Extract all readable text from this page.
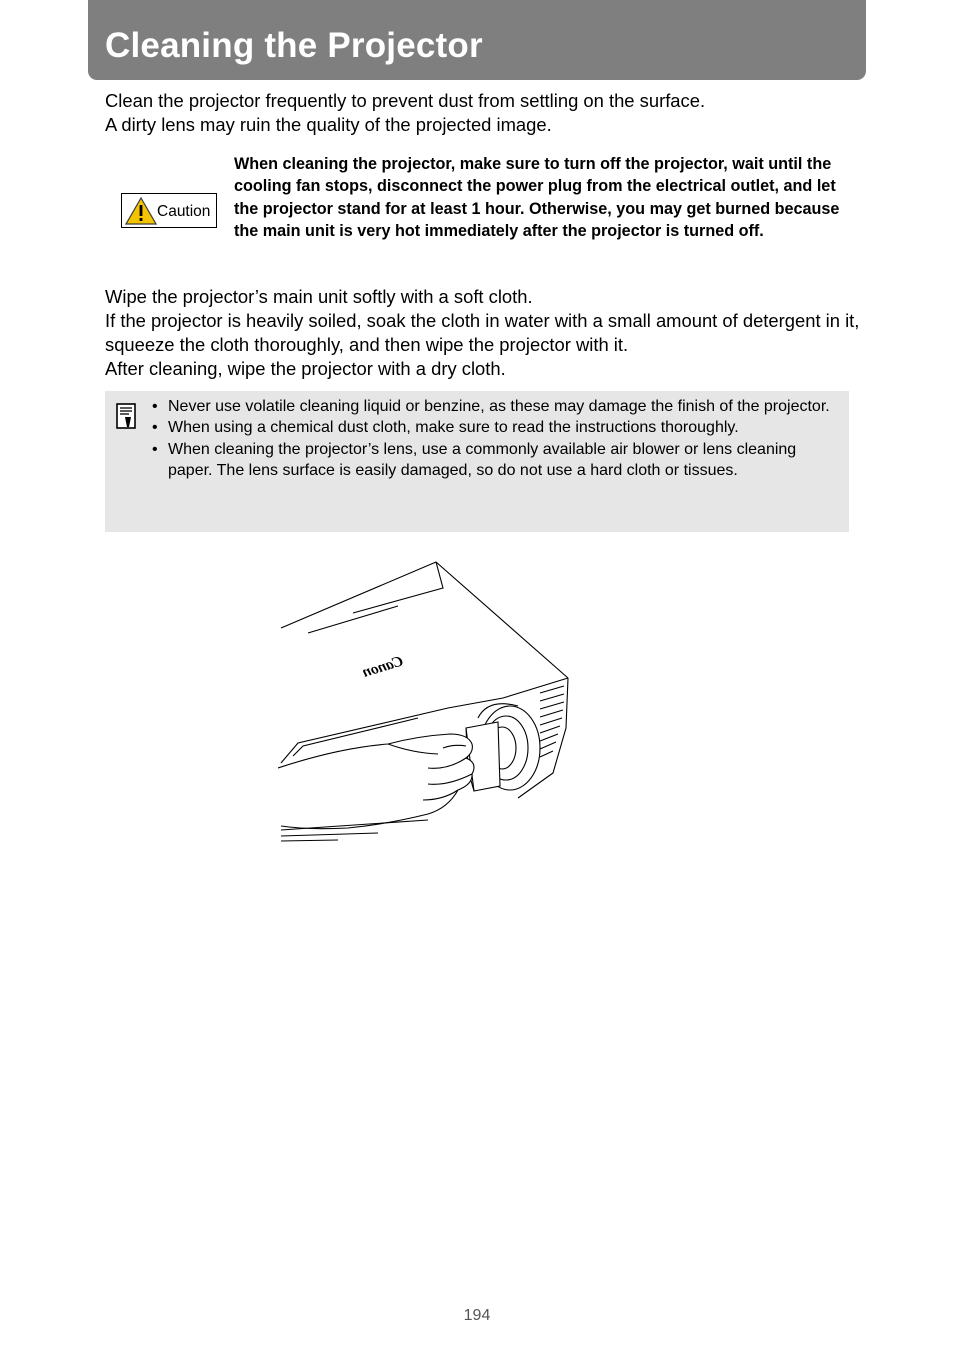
Cleaning the Projector

Clean the projector frequently to prevent dust from settling on the surface.

A dirty lens may ruin the quality of the projected image.

Caution
When cleaning the projector, make sure to turn off the projector, wait until the cooling fan stops, disconnect the power plug from the electrical outlet, and let the projector stand for at least 1 hour. Otherwise, you may get burned because the main unit is very hot immediately after the projector is turned off.

Wipe the projector’s main unit softly with a soft cloth.

If the projector is heavily soiled, soak the cloth in water with a small amount of detergent in it, squeeze the cloth thoroughly, and then wipe the projector with it.

After cleaning, wipe the projector with a dry cloth.

• Never use volatile cleaning liquid or benzine, as these may damage the finish of the projector.
• When using a chemical dust cloth, make sure to read the instructions thoroughly.
• When cleaning the projector’s lens, use a commonly available air blower or lens cleaning paper. The lens surface is easily damaged, so do not use a hard cloth or tissues.
Canon
194
